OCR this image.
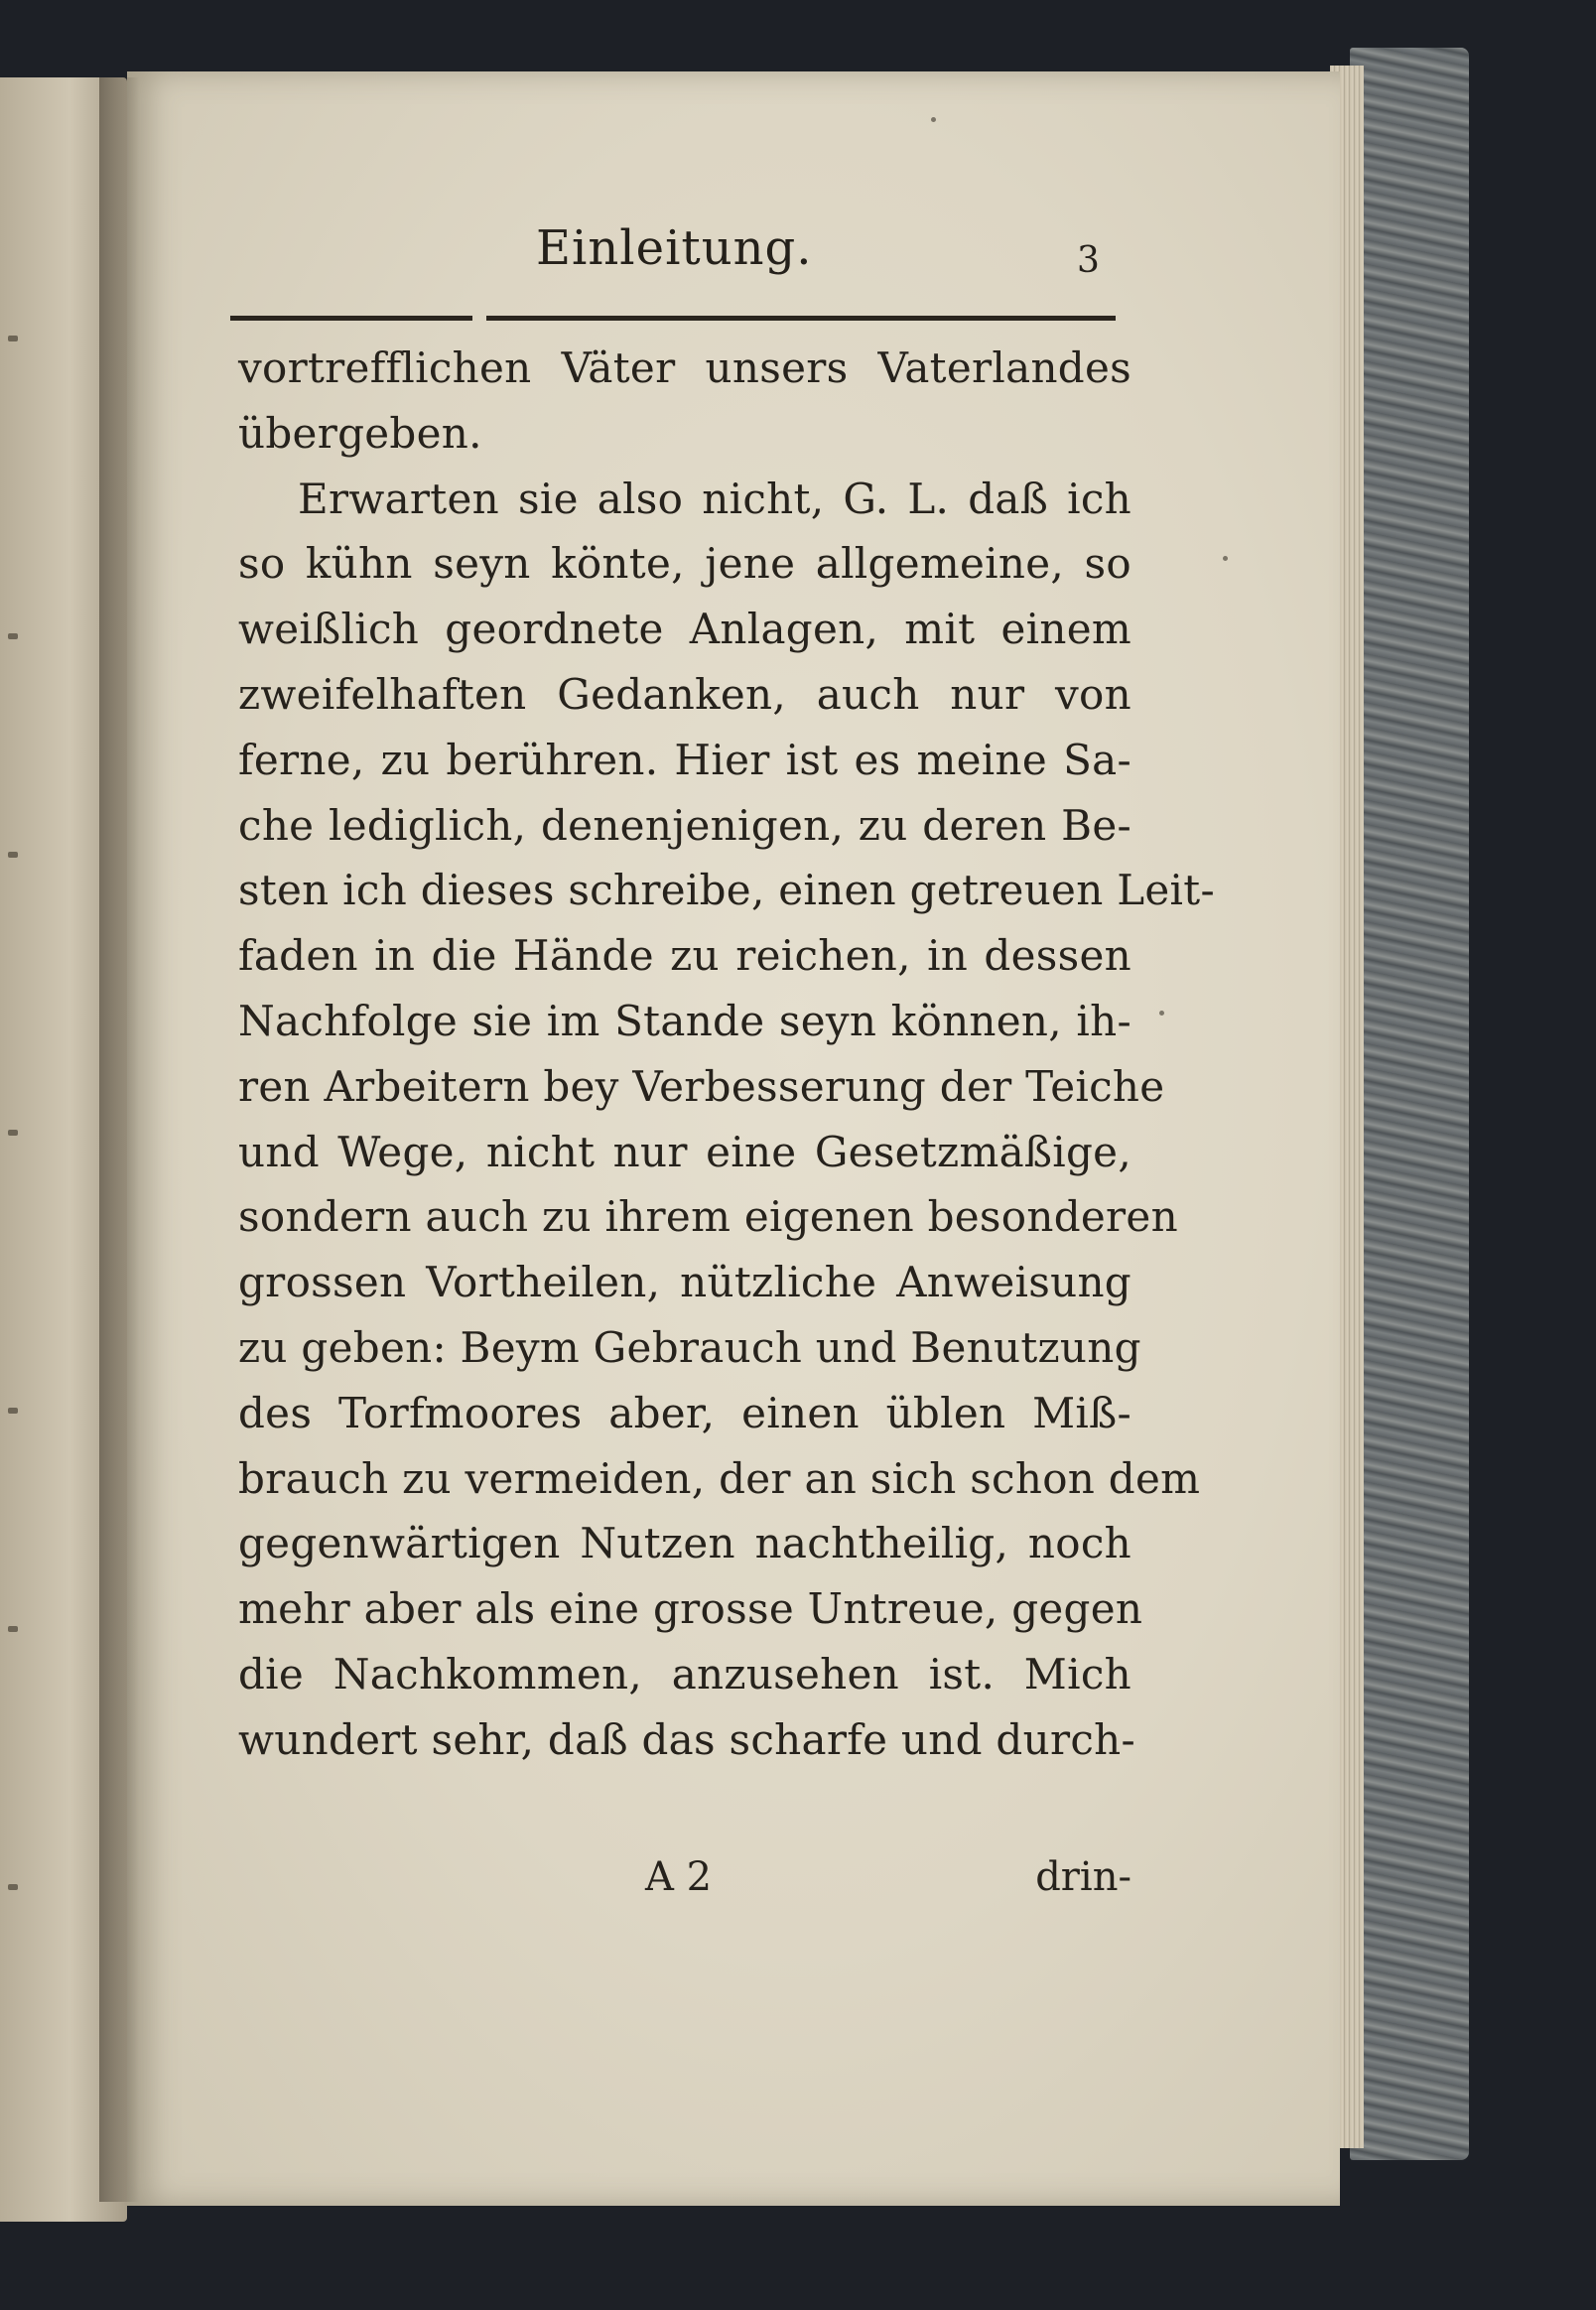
Einleitung.	3
vortrefflichen Väter unsers Vaterlandes
übergeben.
Erwarten sie also nicht, G. L. daß ich
so kühn seyn könte, jene allgemeine, so
weißlich geordnete Anlagen, mit einem
zweifelhaften Gedanken, auch nur von
ferne, zu berühren. Hier ist es meine Sa-
che lediglich, denenjenigen, zu deren Be-
sten ich dieses schreibe, einen getreuen Leit-
faden in die Hände zu reichen, in dessen
Nachfolge sie im Stande seyn können, ih-
ren Arbeitern bey Verbesserung der Teiche
und Wege, nicht nur eine Gesetzmäßige,
sondern auch zu ihrem eigenen besonderen
grossen Vortheilen, nützliche Anweisung
zu geben: Beym Gebrauch und Benutzung
des Torfmoores aber, einen üblen Miß-
brauch zu vermeiden, der an sich schon dem
gegenwärtigen Nutzen nachtheilig, noch
mehr aber als eine grosse Untreue, gegen
die Nachkommen, anzusehen ist. Mich
wundert sehr, daß das scharfe und durch-
A 2	drin-
